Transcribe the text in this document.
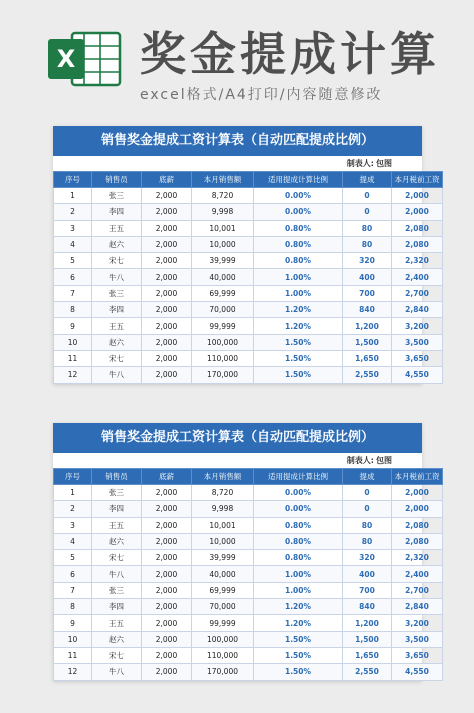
X 奖金提成计算
excel格式/A4打印/内容随意修改
销售奖金提成工资计算表（自动匹配提成比例）
制表人: 包图
序号	销售员	底薪	本月销售额	适用提成计算比例	提成	本月税前工资
1	张三	2,000	8,720	0.00%	0	2,000
2	李四	2,000	9,998	0.00%	0	2,000
3	王五	2,000	10,001	0.80%	80	2,080
4	赵六	2,000	10,000	0.80%	80	2,080
5	宋七	2,000	39,999	0.80%	320	2,320
6	牛八	2,000	40,000	1.00%	400	2,400
7	张三	2,000	69,999	1.00%	700	2,700
8	李四	2,000	70,000	1.20%	840	2,840
9	王五	2,000	99,999	1.20%	1,200	3,200
10	赵六	2,000	100,000	1.50%	1,500	3,500
11	宋七	2,000	110,000	1.50%	1,650	3,650
12	牛八	2,000	170,000	1.50%	2,550	4,550
销售奖金提成工资计算表（自动匹配提成比例）
制表人: 包图
序号	销售员	底薪	本月销售额	适用提成计算比例	提成	本月税前工资
1	张三	2,000	8,720	0.00%	0	2,000
2	李四	2,000	9,998	0.00%	0	2,000
3	王五	2,000	10,001	0.80%	80	2,080
4	赵六	2,000	10,000	0.80%	80	2,080
5	宋七	2,000	39,999	0.80%	320	2,320
6	牛八	2,000	40,000	1.00%	400	2,400
7	张三	2,000	69,999	1.00%	700	2,700
8	李四	2,000	70,000	1.20%	840	2,840
9	王五	2,000	99,999	1.20%	1,200	3,200
10	赵六	2,000	100,000	1.50%	1,500	3,500
11	宋七	2,000	110,000	1.50%	1,650	3,650
12	牛八	2,000	170,000	1.50%	2,550	4,550
